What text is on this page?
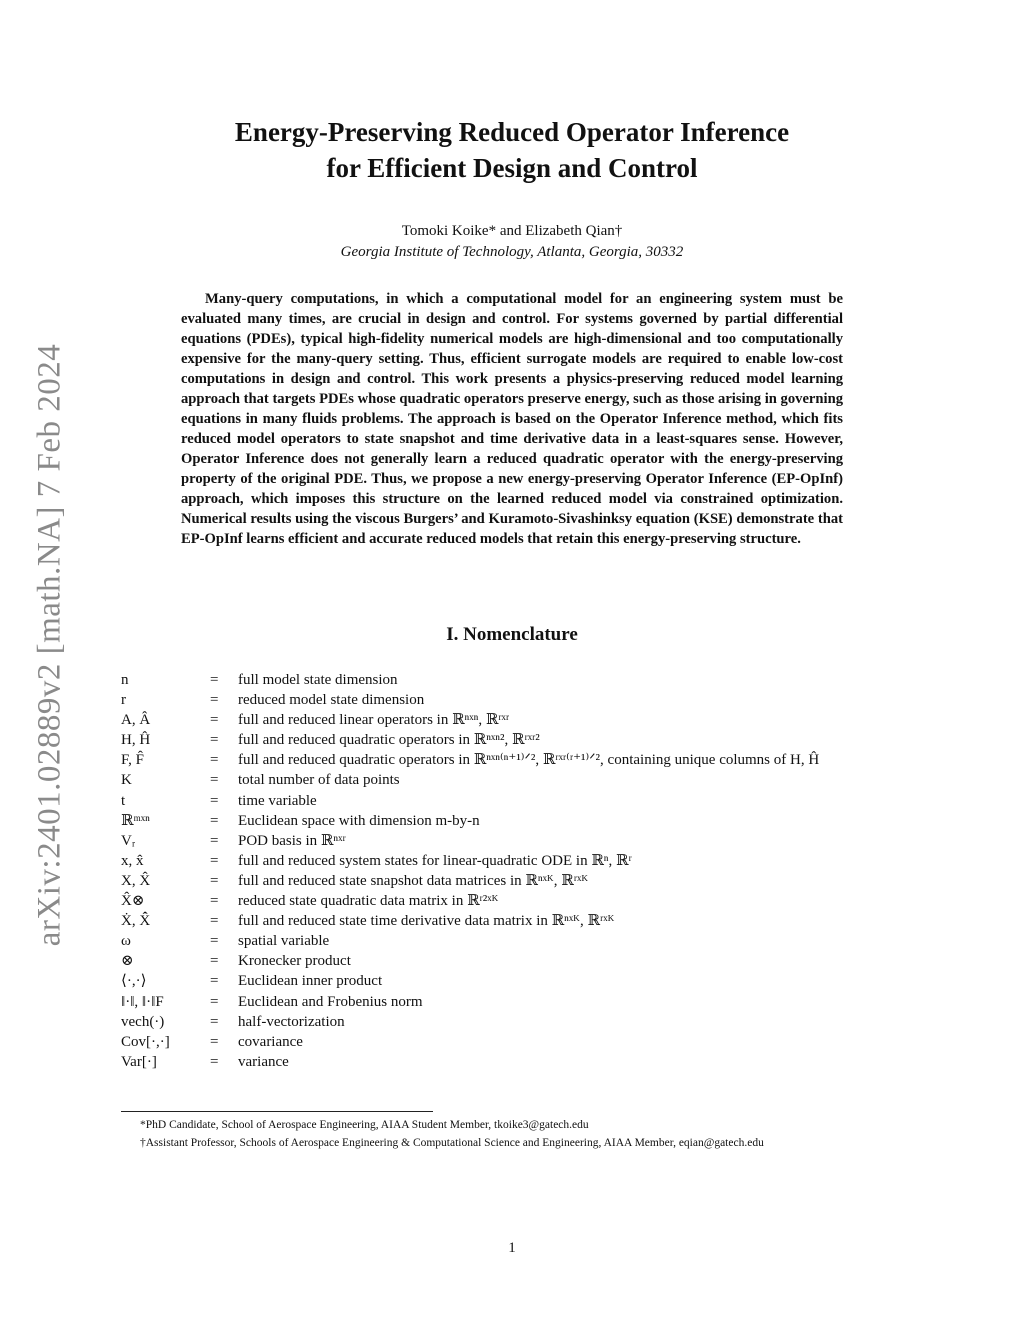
arXiv:2401.02889v2 [math.NA] 7 Feb 2024
Energy-Preserving Reduced Operator Inference
for Efficient Design and Control
Tomoki Koike* and Elizabeth Qian†
Georgia Institute of Technology, Atlanta, Georgia, 30332

Many-query computations, in which a computational model for an engineering system must be evaluated many times, are crucial in design and control. For systems governed by partial differential equations (PDEs), typical high-fidelity numerical models are high-dimensional and too computationally expensive for the many-query setting. Thus, efficient surrogate models are required to enable low-cost computations in design and control. This work presents a physics-preserving reduced model learning approach that targets PDEs whose quadratic operators preserve energy, such as those arising in governing equations in many fluids problems. The approach is based on the Operator Inference method, which fits reduced model operators to state snapshot and time derivative data in a least-squares sense. However, Operator Inference does not generally learn a reduced quadratic operator with the energy-preserving property of the original PDE. Thus, we propose a new energy-preserving Operator Inference (EP-OpInf) approach, which imposes this structure on the learned reduced model via constrained optimization. Numerical results using the viscous Burgers’ and Kuramoto-Sivashinksy equation (KSE) demonstrate that EP-OpInf learns efficient and accurate reduced models that retain this energy-preserving structure.

I. Nomenclature
n	= full model state dimension
r	= reduced model state dimension
A, Â	= full and reduced linear operators in ℝⁿˣⁿ, ℝʳˣʳ
H, Ĥ	= full and reduced quadratic operators in ℝⁿˣⁿ², ℝʳˣʳ²
F, F̂	= full and reduced quadratic operators in ℝⁿˣⁿ⁽ⁿ⁺¹⁾ᐟ², ℝʳˣʳ⁽ʳ⁺¹⁾ᐟ², containing unique columns of H, Ĥ
K	= total number of data points
t	= time variable
ℝᵐˣⁿ	= Euclidean space with dimension m-by-n
Vᵣ	= POD basis in ℝⁿˣʳ
x, x̂	= full and reduced system states for linear-quadratic ODE in ℝⁿ, ℝʳ
X, X̂	= full and reduced state snapshot data matrices in ℝⁿˣᴷ, ℝʳˣᴷ
X̂⊗	= reduced state quadratic data matrix in ℝʳ²ˣᴷ
Ẋ, X̂̇	= full and reduced state time derivative data matrix in ℝⁿˣᴷ, ℝʳˣᴷ
ω	= spatial variable
⊗	= Kronecker product
⟨·,·⟩	= Euclidean inner product
‖·‖, ‖·‖F	= Euclidean and Frobenius norm
vech(·)	= half-vectorization
Cov[·,·]	= covariance
Var[·]	= variance
*PhD Candidate, School of Aerospace Engineering, AIAA Student Member, tkoike3@gatech.edu
†Assistant Professor, Schools of Aerospace Engineering & Computational Science and Engineering, AIAA Member, eqian@gatech.edu
1
